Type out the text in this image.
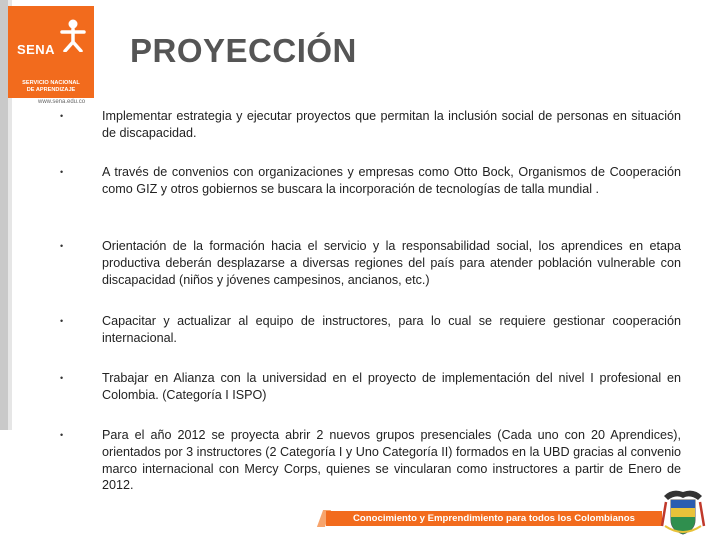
SENA
SERVICIO NACIONAL
DE APRENDIZAJE
www.sena.edu.co
PROYECCIÓN
•	Implementar estrategia y ejecutar proyectos que permitan la inclusión social de personas en situación de discapacidad.
•	A través de convenios con organizaciones y empresas como Otto Bock, Organismos de Cooperación como GIZ y otros gobiernos se buscara la incorporación de tecnologías de talla mundial .
•	Orientación de la formación hacia el servicio y la responsabilidad social, los aprendices en etapa productiva deberán desplazarse a diversas regiones del país para atender población vulnerable con discapacidad (niños y jóvenes campesinos, ancianos, etc.)
•	Capacitar y actualizar al equipo de instructores, para lo cual se requiere gestionar cooperación internacional.
•	Trabajar en Alianza con la universidad en el proyecto de implementación del nivel I profesional en Colombia. (Categoría I ISPO)
•	Para el año 2012 se proyecta abrir 2 nuevos grupos presenciales (Cada uno con 20 Aprendices), orientados por 3 instructores (2 Categoría I y Uno Categoría II) formados en la UBD gracias al convenio marco internacional con Mercy Corps, quienes se vincularan como instructores a partir de Enero de 2012.
Conocimiento y Emprendimiento para todos los Colombianos
